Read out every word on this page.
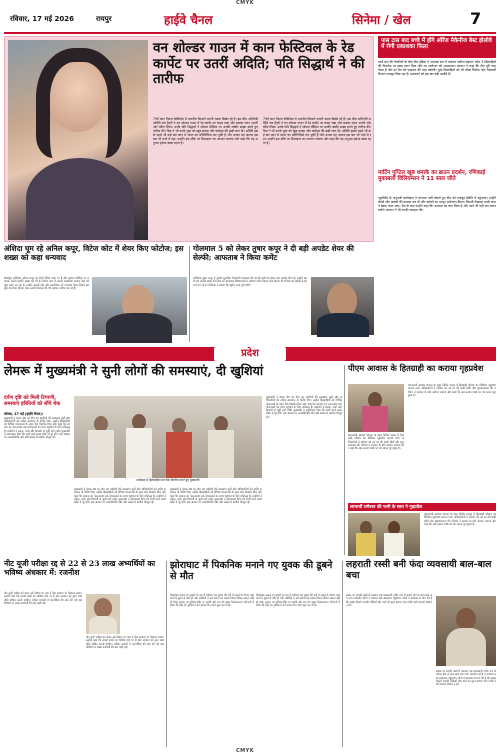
CMYK
रविवार, 17 मई 2026	रायपुर	हाईवे चैनल	सिनेमा / खेल	7
वन शोल्डर गाउन में कान फेस्टिवल के रेड कार्पेट पर उतरीं अदिति; पति सिद्धार्थ ने की तारीफ
79वें कान फिल्म फेस्टिवल में भारतीय सितारों अपनी चमक बिखेर रहे हैं। इस बीच अभिनेत्री अदिति राव हैदरी ने वन शोल्डर गाउन में रेड कार्पेट पर कदम रखा और सबका ध्यान अपनी ओर खींच लिया। उनके पति सिद्धार्थ ने सोशल मीडिया पर उनकी तस्वीर साझा करते हुए तारीफ की। फैंस ने भी उनके लुक को खूब सराहा और कमेंट्स की झड़ी लगा दी। अदिति इससे पहले भी कई बार कान में भारत का प्रतिनिधित्व कर चुकी हैं और उनका यह अंदाज इस बार भी चर्चा में रहा। उन्होंने इस मौके पर डिजाइनर का आभार जताया और कहा कि यह अनुभव हमेशा खास रहता है।
79वें कान फिल्म फेस्टिवल में भारतीय सितारों अपनी चमक बिखेर रहे हैं। इस बीच अभिनेत्री अदिति राव हैदरी ने वन शोल्डर गाउन में रेड कार्पेट पर कदम रखा और सबका ध्यान अपनी ओर खींच लिया। उनके पति सिद्धार्थ ने सोशल मीडिया पर उनकी तस्वीर साझा करते हुए तारीफ की। फैंस ने भी उनके लुक को खूब सराहा और कमेंट्स की झड़ी लगा दी। अदिति इससे पहले भी कई बार कान में भारत का प्रतिनिधित्व कर चुकी हैं और उनका यह अंदाज इस बार भी चर्चा में रहा। उन्होंने इस मौके पर डिजाइनर का आभार जताया और कहा कि यह अनुभव हमेशा खास रहता है।
पास टास बाद बच्चे में होंगे ऑरेंज मैकेनीज बेस्ट होलोवे में रोगी प्रकाशका फिला
वर्ल्ड कप की तैयारियों के बीच टीम इंडिया ने अभ्यास सत्र में जमकर पसीना बहाया। कोच ने खिलाड़ियों की फिटनेस पर खास ध्यान दिया और नए संयोजन को आजमाया। कप्तान ने कहा कि टीम पूरी तरह तैयार है और हर मैच को फाइनल की तरह खेलेगी। युवा खिलाड़ियों को भी मौका मिलेगा और गेंदबाजी विभाग मजबूत दिख रहा है। प्रशंसकों को इस बार बड़ी उम्मीदें हैं।
मार्टिन गुप्टिल खूब धमाके का ब्राउन प्रदर्शन, रणिकाई मुकाबलों विलियम्सन ने 11 साल जीते
न्यूजीलैंड के अनुभवी बल्लेबाज ने शानदार पारी खेलते हुए टीम को मजबूत स्थिति में पहुंचाया। उन्होंने चौकों और छक्कों की बरसात कर दी और दर्शकों का भरपूर मनोरंजन किया। विपक्षी गेंदबाज उनके सामने बेबस नजर आए। मैच के बाद उन्होंने कहा कि अभ्यास का फल मिला है और आगे भी यही लय बनाए रखेंगे। कप्तान ने भी उनकी सराहना की।
अंशिदा घूम रहे अनिल कपूर, विटेज कोट में शेयर किए फोटोज; इस शख्स को कहा धन्यवाद
बॉलीवुड अभिनेता अनिल कपूर इन दिनों विदेश यात्रा पर हैं और सोशल मीडिया पर लगातार अपनी तस्वीरें साझा कर रहे हैं। विंटेज कोट में उनका स्टाइलिश अंदाज फैंस को खूब पसंद आ रहा है। उन्होंने अपनी टीम और स्टाइलिस्ट को धन्यवाद दिया जिसने इस लुक को तैयार किया। फैंस उनकी फिटनेस की भी जमकर तारीफ कर रहे हैं।
गोलमाल 5 को लेकर तुषार कपूर ने दी बड़ी अपडेट शेयर की सेल्फी; आफताब ने किया कमेंट
अभिनेता तुषार कपूर ने अपनी सुपरहिट फ्रेंचाइजी गोलमाल की अगली कड़ी को लेकर बड़ा अपडेट दिया है। उन्होंने सेट से एक सेल्फी साझा की जिस पर आफताब शिवदासानी ने मजेदार कमेंट किया। फैंस फिल्म की रिलीज का बेसब्री से इंतजार कर रहे हैं। निर्देशक ने बताया कि शूटिंग जल्द पूरी होगी।
प्रदेश
लेमरू में मुख्यमंत्री ने सुनी लोगों की समस्याएं, दी खुशियां
दर्पण दृष्टि को मिली टिप्पणी, समस्याएं हरितियों को सौंपे चेक
कोरबा, 17 मई (हाईवे चैनल)।
मुख्यमंत्री ने लेमरू क्षेत्र का दौरा कर ग्रामीणों की समस्याएं सुनीं और अधिकारियों को त्वरित समाधान के निर्देश दिए। उन्होंने हितग्राहियों को विभिन्न योजनाओं के तहत चेक वितरित किए और कहा कि सरकार हर जरूरतमंद तक योजनाओं का लाभ पहुंचाने के लिए प्रतिबद्ध है। ग्रामीणों ने सड़क, पानी और बिजली से जुड़ी मांगें रखीं। मुख्यमंत्री ने आश्वासन दिया कि सभी कार्य समय सीमा में पूरे होंगे। इस अवसर पर जनप्रतिनिधि और बड़ी संख्या में ग्रामीण मौजूद रहे।
कार्यक्रम में हितग्राहियों को चेक वितरित करते हुए मुख्यमंत्री
मुख्यमंत्री ने लेमरू क्षेत्र का दौरा कर ग्रामीणों की समस्याएं सुनीं और अधिकारियों को त्वरित समाधान के निर्देश दिए। उन्होंने हितग्राहियों को विभिन्न योजनाओं के तहत चेक वितरित किए और कहा कि सरकार हर जरूरतमंद तक योजनाओं का लाभ पहुंचाने के लिए प्रतिबद्ध है। ग्रामीणों ने सड़क, पानी और बिजली से जुड़ी मांगें रखीं। मुख्यमंत्री ने आश्वासन दिया कि सभी कार्य समय सीमा में पूरे होंगे। इस अवसर पर जनप्रतिनिधि और बड़ी संख्या में ग्रामीण मौजूद रहे।
मुख्यमंत्री ने लेमरू क्षेत्र का दौरा कर ग्रामीणों की समस्याएं सुनीं और अधिकारियों को त्वरित समाधान के निर्देश दिए। उन्होंने हितग्राहियों को विभिन्न योजनाओं के तहत चेक वितरित किए और कहा कि सरकार हर जरूरतमंद तक योजनाओं का लाभ पहुंचाने के लिए प्रतिबद्ध है। ग्रामीणों ने सड़क, पानी और बिजली से जुड़ी मांगें रखीं। मुख्यमंत्री ने आश्वासन दिया कि सभी कार्य समय सीमा में पूरे होंगे। इस अवसर पर जनप्रतिनिधि और बड़ी संख्या में ग्रामीण मौजूद रहे।
मुख्यमंत्री ने लेमरू क्षेत्र का दौरा कर ग्रामीणों की समस्याएं सुनीं और अधिकारियों को त्वरित समाधान के निर्देश दिए। उन्होंने हितग्राहियों को विभिन्न योजनाओं के तहत चेक वितरित किए और कहा कि सरकार हर जरूरतमंद तक योजनाओं का लाभ पहुंचाने के लिए प्रतिबद्ध है। ग्रामीणों ने सड़क, पानी और बिजली से जुड़ी मांगें रखीं। मुख्यमंत्री ने आश्वासन दिया कि सभी कार्य समय सीमा में पूरे होंगे। इस अवसर पर जनप्रतिनिधि और बड़ी संख्या में ग्रामीण मौजूद रहे।
पीएम आवास के हितग्राही का कराया गृहप्रवेश
प्रधानमंत्री आवास योजना के तहत निर्मित मकान में हितग्राही परिवार का विधिवत गृहप्रवेश कराया गया। अधिकारियों ने परिवार को नए घर की चाबी सौंपी और शुभकामनाएं दीं। परिवार ने सरकार के प्रति आभार जताया और कहा कि अब उनका पक्के घर का सपना पूरा हुआ है।
प्रधानमंत्री आवास योजना के तहत निर्मित मकान में हितग्राही परिवार का विधिवत गृहप्रवेश कराया गया। अधिकारियों ने परिवार को नए घर की चाबी सौंपी और शुभकामनाएं दीं। परिवार ने सरकार के प्रति आभार जताया और कहा कि अब उनका पक्के घर का सपना पूरा हुआ है।
लाभार्थी रामेश्वर की पत्नी के साथ ने गृहप्रवेश
प्रधानमंत्री आवास योजना के तहत निर्मित मकान में हितग्राही परिवार का विधिवत गृहप्रवेश कराया गया। अधिकारियों ने परिवार को नए घर की चाबी सौंपी और शुभकामनाएं दीं। परिवार ने सरकार के प्रति आभार जताया और कहा कि अब उनका पक्के घर का सपना पूरा हुआ है।
नीट यूजी परीक्षा रद्द से 22 से 23 लाख अभ्यर्थियों का भविष्य अंधकार में: रजनीश
नीट यूजी परीक्षा को लेकर उठे विवाद पर नेता ने केंद्र सरकार पर निशाना साधा। उन्होंने कहा कि लाखों छात्रों का भविष्य दांव पर है और सरकार को तुरंत स्पष्ट नीति घोषित करनी चाहिए। परीक्षा प्रणाली में पारदर्शिता की मांग की गई तथा दोषियों पर सख्त कार्रवाई की बात कही गई।
नीट यूजी परीक्षा को लेकर उठे विवाद पर नेता ने केंद्र सरकार पर निशाना साधा। उन्होंने कहा कि लाखों छात्रों का भविष्य दांव पर है और सरकार को तुरंत स्पष्ट नीति घोषित करनी चाहिए। परीक्षा प्रणाली में पारदर्शिता की मांग की गई तथा दोषियों पर सख्त कार्रवाई की बात कही गई।
झोराघाट में पिकनिक मनाने गए युवक की डूबने से मौत
पिकनिक मनाने गए युवकों के दल में शामिल एक युवक की नदी में नहाने के दौरान गहरे पानी में डूबने से मौत हो गई। साथियों ने उसे बचाने का प्रयास किया लेकिन सफल नहीं हो सके। सूचना पर पुलिस मौके पर पहुंची और शव को बाहर निकलवाया। परिजनों में शोक की लहर है। पुलिस ने मर्ग कायम कर जांच शुरू कर दी है।
पिकनिक मनाने गए युवकों के दल में शामिल एक युवक की नदी में नहाने के दौरान गहरे पानी में डूबने से मौत हो गई। साथियों ने उसे बचाने का प्रयास किया लेकिन सफल नहीं हो सके। सूचना पर पुलिस मौके पर पहुंची और शव को बाहर निकलवाया। परिजनों में शोक की लहर है। पुलिस ने मर्ग कायम कर जांच शुरू कर दी है।
लहराती रस्सी बनी फंदा व्यवसायी बाल-बाल बचा
सड़क पर लटकी रस्सी में फंसकर एक व्यवसायी गंभीर रूप से घायल होने से बाल-बाल बच गया। स्थानीय लोगों ने तत्काल उसे अस्पताल पहुंचाया। लोगों ने प्रशासन से मांग की है कि सड़क किनारे लटकी रस्सियों और तारों को तुरंत हटाया जाए ताकि ऐसी घटनाएं दोबारा न हों।
सड़क पर लटकी रस्सी में फंसकर एक व्यवसायी गंभीर रूप से घायल होने से बाल-बाल बच गया। स्थानीय लोगों ने तत्काल उसे अस्पताल पहुंचाया। लोगों ने प्रशासन से मांग की है कि सड़क किनारे लटकी रस्सियों और तारों को तुरंत हटाया जाए ताकि ऐसी घटनाएं दोबारा न हों।
CMYK
